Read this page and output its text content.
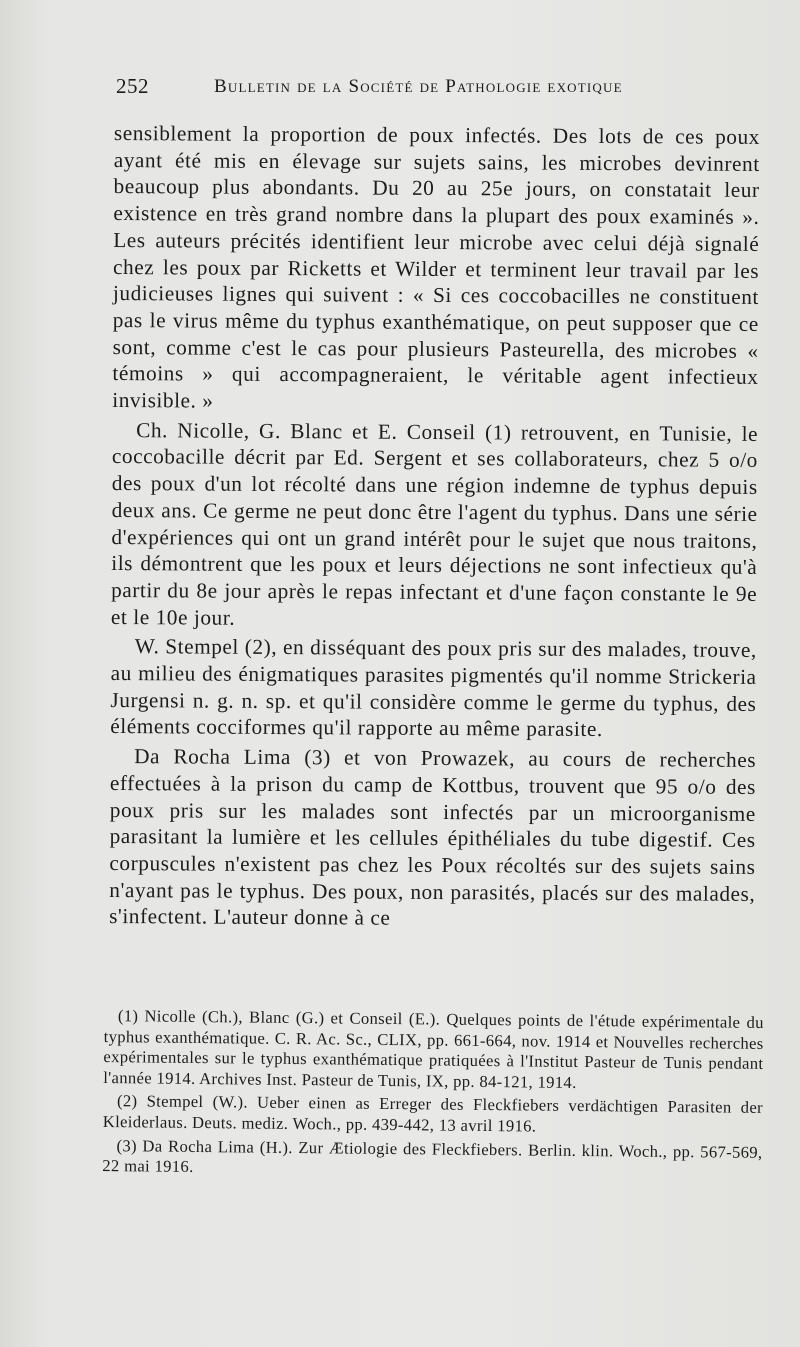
252	Bulletin de la Société de Pathologie exotique

sensiblement la proportion de poux infectés. Des lots de ces poux ayant été mis en élevage sur sujets sains, les microbes devinrent beaucoup plus abondants. Du 20 au 25e jours, on constatait leur existence en très grand nombre dans la plupart des poux examinés ». Les auteurs précités identifient leur microbe avec celui déjà signalé chez les poux par Ricketts et Wilder et terminent leur travail par les judicieuses lignes qui suivent : « Si ces coccobacilles ne constituent pas le virus même du typhus exanthématique, on peut supposer que ce sont, comme c'est le cas pour plusieurs Pasteurella, des microbes « témoins » qui accompagneraient, le véritable agent infectieux invisible. »

Ch. Nicolle, G. Blanc et E. Conseil (1) retrouvent, en Tunisie, le coccobacille décrit par Ed. Sergent et ses collaborateurs, chez 5 o/o des poux d'un lot récolté dans une région indemne de typhus depuis deux ans. Ce germe ne peut donc être l'agent du typhus. Dans une série d'expériences qui ont un grand intérêt pour le sujet que nous traitons, ils démontrent que les poux et leurs déjections ne sont infectieux qu'à partir du 8e jour après le repas infectant et d'une façon constante le 9e et le 10e jour.

W. Stempel (2), en disséquant des poux pris sur des malades, trouve, au milieu des énigmatiques parasites pigmentés qu'il nomme Strickeria Jurgensi n. g. n. sp. et qu'il considère comme le germe du typhus, des éléments cocciformes qu'il rapporte au même parasite.

Da Rocha Lima (3) et von Prowazek, au cours de recherches effectuées à la prison du camp de Kottbus, trouvent que 95 o/o des poux pris sur les malades sont infectés par un microorganisme parasitant la lumière et les cellules épithéliales du tube digestif. Ces corpuscules n'existent pas chez les Poux récoltés sur des sujets sains n'ayant pas le typhus. Des poux, non parasités, placés sur des malades, s'infectent. L'auteur donne à ce

(1) Nicolle (Ch.), Blanc (G.) et Conseil (E.). Quelques points de l'étude expérimentale du typhus exanthématique. C. R. Ac. Sc., CLIX, pp. 661-664, nov. 1914 et Nouvelles recherches expérimentales sur le typhus exanthématique pratiquées à l'Institut Pasteur de Tunis pendant l'année 1914. Archives Inst. Pasteur de Tunis, IX, pp. 84-121, 1914.

(2) Stempel (W.). Ueber einen as Erreger des Fleckfiebers verdächtigen Parasiten der Kleiderlaus. Deuts. mediz. Woch., pp. 439-442, 13 avril 1916.

(3) Da Rocha Lima (H.). Zur Ætiologie des Fleckfiebers. Berlin. klin. Woch., pp. 567-569, 22 mai 1916.
